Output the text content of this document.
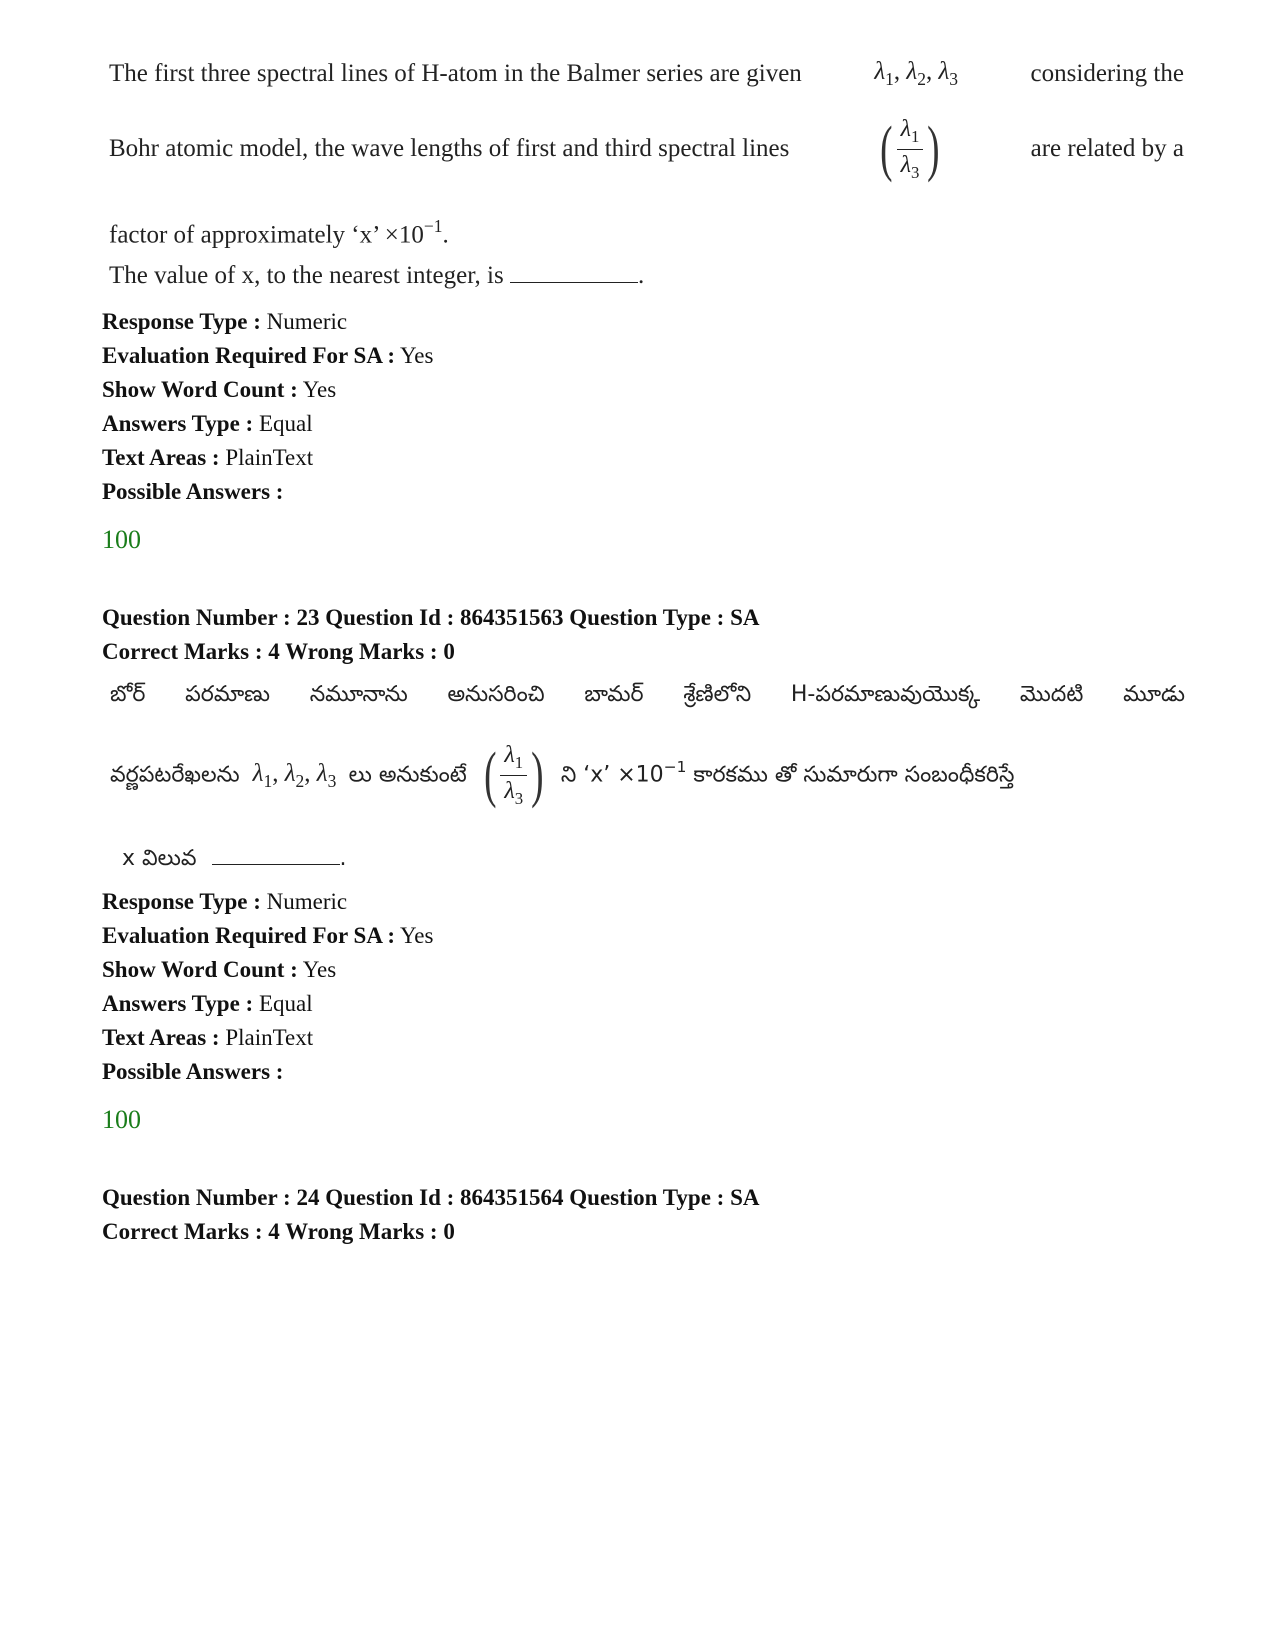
The first three spectral lines of H-atom in the Balmer series are given	$\lambda_1$, $\lambda_2$, $\lambda_3$	considering the
Bohr atomic model, the wave lengths of first and third spectral lines ( $\frac{\lambda_1}{\lambda_3}$ )	are related by a
factor of approximately ‘x’ $\times 10^{-1}$.
The value of x, to the nearest integer, is	.
Response Type : Numeric
Evaluation Required For SA : Yes
Show Word Count : Yes
Answers Type : Equal
Text Areas : PlainText
Possible Answers :
100
Question Number : 23 Question Id : 864351563 Question Type : SA
Correct Marks : 4 Wrong Marks : 0
బోర్ పరమాణు నమూనాను అనుసరించి బామర్ శ్రేణిలోని H-పరమాణువుయొక్క మొదటి మూడు
వర్ణపటరేఖలను $\lambda_1$, $\lambda_2$, $\lambda_3$ లు అనుకుంటే ( $\frac{\lambda_1}{\lambda_3}$ ) ని ‘x’ $\times 10^{-1}$ కారకము తో సుమారుగా సంబంధీకరిస్తే
x విలువ	.
Response Type : Numeric
Evaluation Required For SA : Yes
Show Word Count : Yes
Answers Type : Equal
Text Areas : PlainText
Possible Answers :
100
Question Number : 24 Question Id : 864351564 Question Type : SA
Correct Marks : 4 Wrong Marks : 0
